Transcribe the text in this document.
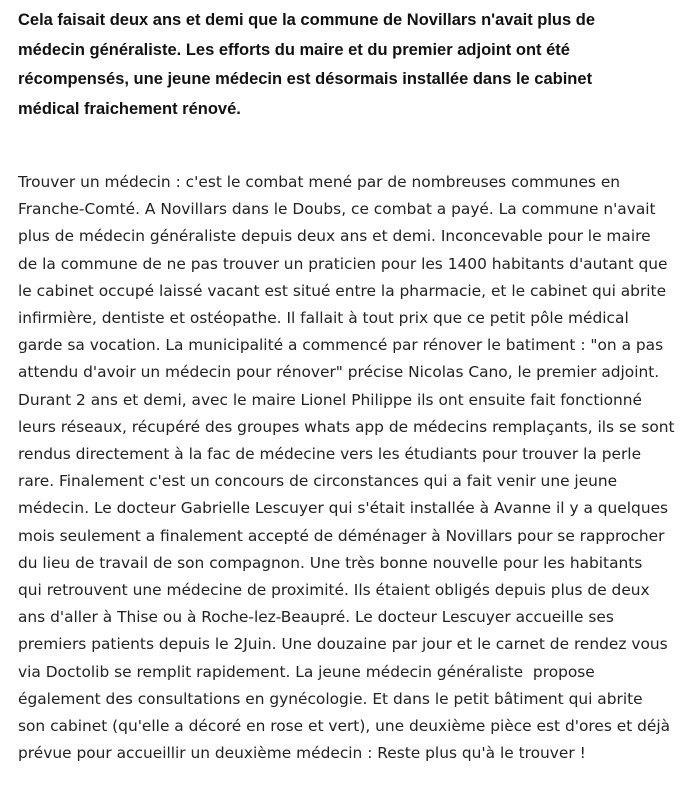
Cela faisait deux ans et demi que la commune de Novillars n'avait plus de médecin généraliste. Les efforts du maire et du premier adjoint ont été récompensés, une jeune médecin est désormais installée dans le cabinet médical fraichement rénové.

Trouver un médecin : c'est le combat mené par de nombreuses communes en
Franche-Comté. A Novillars dans le Doubs, ce combat a payé. La commune n'avait
plus de médecin généraliste depuis deux ans et demi. Inconcevable pour le maire
de la commune de ne pas trouver un praticien pour les 1400 habitants d'autant que
le cabinet occupé laissé vacant est situé entre la pharmacie, et le cabinet qui abrite
infirmière, dentiste et ostéopathe. Il fallait à tout prix que ce petit pôle médical
garde sa vocation. La municipalité a commencé par rénover le batiment : "on a pas
attendu d'avoir un médecin pour rénover" précise Nicolas Cano, le premier adjoint.
Durant 2 ans et demi, avec le maire Lionel Philippe ils ont ensuite fait fonctionné
leurs réseaux, récupéré des groupes whats app de médecins remplaçants, ils se sont
rendus directement à la fac de médecine vers les étudiants pour trouver la perle
rare. Finalement c'est un concours de circonstances qui a fait venir une jeune
médecin. Le docteur Gabrielle Lescuyer qui s'était installée à Avanne il y a quelques
mois seulement a finalement accepté de déménager à Novillars pour se rapprocher
du lieu de travail de son compagnon. Une très bonne nouvelle pour les habitants
qui retrouvent une médecine de proximité. Ils étaient obligés depuis plus de deux
ans d'aller à Thise ou à Roche-lez-Beaupré. Le docteur Lescuyer accueille ses
premiers patients depuis le 2Juin. Une douzaine par jour et le carnet de rendez vous
via Doctolib se remplit rapidement. La jeune médecin généraliste  propose
également des consultations en gynécologie. Et dans le petit bâtiment qui abrite
son cabinet (qu'elle a décoré en rose et vert), une deuxième pièce est d'ores et déjà
prévue pour accueillir un deuxième médecin : Reste plus qu'à le trouver !
